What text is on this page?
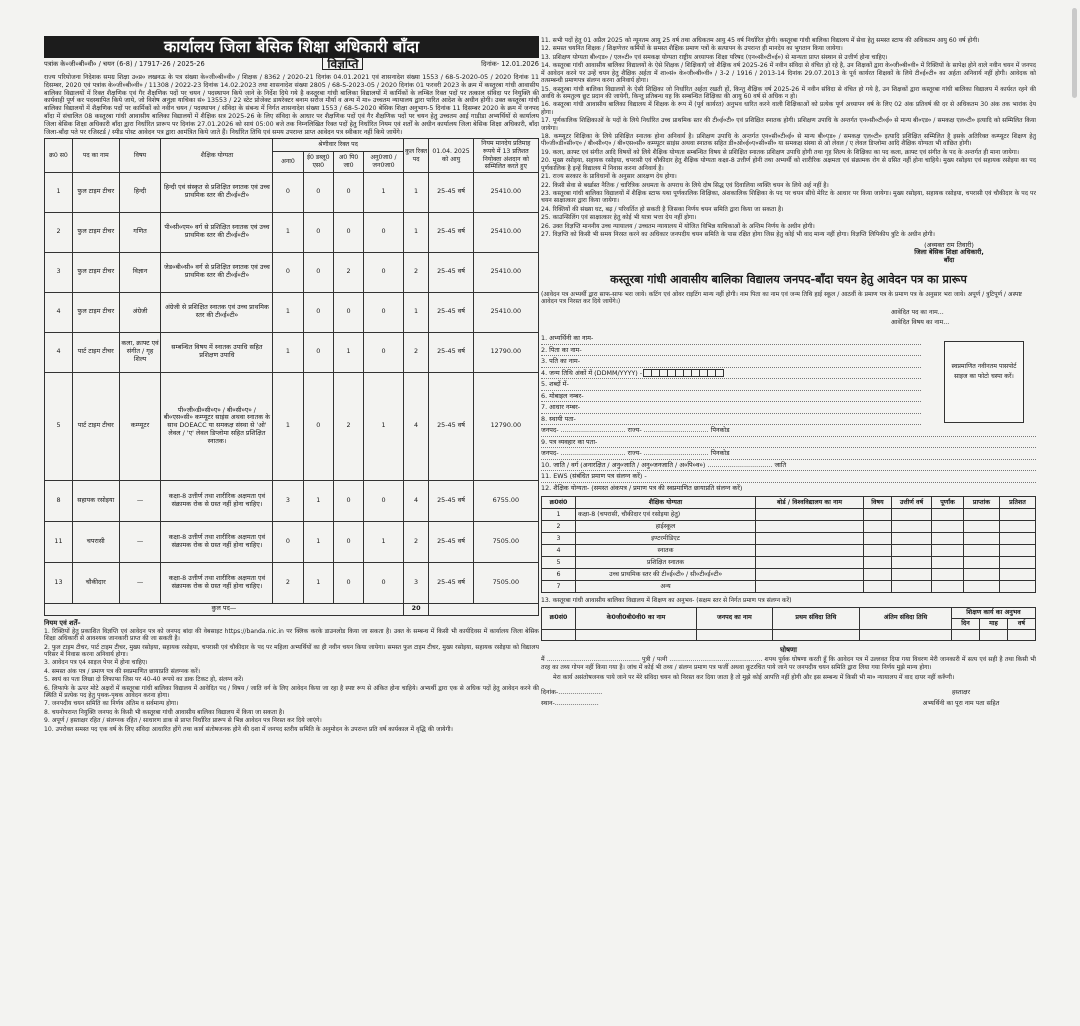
कार्यालय जिला बेसिक शिक्षा अधिकारी बाँदा
पत्रांक के०जी०बी०वी० / चयन (6-8) / 17917-26 / 2025-26	विज्ञप्ति	दिनांक- 12.01.2026
राज्य परियोजना निदेशक समग्र शिक्षा उ०प्र० लखनऊ के पत्र संख्या के०जी०बी०वी० / शिक्षक / 8362 / 2020-21 दिनांक 04.01.2021 एवं शासनादेश संख्या 1553 / 68-5-2020-05 / 2020 दिनांक 11 दिसम्बर, 2020 एवं पत्रांक के०जी०बी०वी० / 11308 / 2022-23 दिनांक 14.02.2023 तथा शासनादेश संख्या 2805 / 68-5-2023-05 / 2020 दिनांक 01 फरवरी 2023 के क्रम में कस्तूरबा गांधी आवासीय बालिका विद्यालयों में रिक्त शैक्षणिक एवं गैर शैक्षणिक पदों पर चयन / पदस्थापन किये जाने के निर्देश दिये गये है कस्तूरबा गांधी बालिका विद्यालयों में कार्मिकों के लम्बित रिक्त पदों पर तत्काल संविदा पर नियुक्ति की कार्यवाही पूर्ण कर पदस्थापित किये जाये, जो विशेष अनुज्ञा याचिका सं० 13553 / 22 स्टेट प्रोजेक्ट डायरेक्टर बनाम सरोज मौर्या व अन्य में मा० उच्चतम न्यायालय द्वारा पारित आदेश के अधीन होगी। उक्त कस्तूरबा गांधी बालिका विद्यालयों में शैक्षणिक पदों पर कार्मिकों को नवीन चयन / पदस्थापन / संविदा के संबन्ध में निर्गत शासनादेश संख्या 1553 / 68-5-2020 बेसिक शिक्षा अनुभाग-5 दिनांक 11 दिसम्बर 2020 के क्रम में जनपद बाँदा में संचालित 08 कस्तूरबा गांधी आवासीय बालिका विद्यालयों में शैक्षिक सत्र 2025-26 के लिए संविदा के आधार पर शैक्षणिक पदों एवं गैर शैक्षणिक पदों पर चयन हेतु उच्चतम आई गाडीडा अभ्यर्थियों से कार्यालय जिला बेसिक शिक्षा अधिकारी बाँदा द्वारा निर्धारित प्रारूप पर दिनांक 27.01.2026 को सायं 05:00 बजे तक निम्नलिखित रिक्त पदों हेतु निर्धारित नियम एवं शर्तों के अधीन कार्यालय जिला बेसिक शिक्षा अधिकारी, बाँदा जिला-बाँदा पते पर रजिस्टर्ड / स्पीड पोस्ट आवेदन पत्र द्वारा आमंत्रित किये जाते हैं। निर्धारित तिथि एवं समय उपरान्त प्राप्त आवेदन पत्र स्वीकार नहीं किये जायेंगे।
क्र0 स0	पद का नाम	विषय	शैक्षिक योग्यता	श्रेणीवार रिक्त पद				कुल रिक्त पद	01.04. 2025 को आयु	नियम मानदेय प्रतिमाह रूपये में 13 प्रतिशत नियोक्ता अंशदान को सम्मिलित करते हुए
				अना0	ई0 डब्लू0 एस0	अ0 पि0 जा0	अनु0जा0 / जन0जा0			
1	फुल टाइम टीचर	हिन्दी	हिन्दी एवं संस्कृत से प्रशिक्षित स्नातक एवं उच्च प्राथमिक स्तर की टी०ई०टी०	0	0	0	1	1	25-45 वर्ष	25410.00
2	फुल टाइम टीचर	गणित	पी०सी०एम० वर्ग से प्रशिक्षित स्नातक एवं उच्च प्राथमिक स्तर की टी०ई०टी०	1	0	0	0	1	25-45 वर्ष	25410.00
3	फुल टाइम टीचर	विज्ञान	जेड०बी०सी० वर्ग से प्रशिक्षित स्नातक एवं उच्च प्राथमिक स्तर की टी०ई०टी०	0	0	2	0	2	25-45 वर्ष	25410.00
4	फुल टाइम टीचर	अंग्रेजी	अंग्रेजी से प्रशिक्षित स्नातक एवं उच्च प्राथमिक स्तर की टी०ई०टी०	1	0	0	0	1	25-45 वर्ष	25410.00
4	पार्ट टाइम टीचर	कला, क्राफ्ट एवं संगीत / गृह शिल्प	सम्बन्धित विषय में स्नातक उपाधि सहित प्रशिक्षण उपाधि	1	0	1	0	2	25-45 वर्ष	12790.00
5	पार्ट टाइम टीचर	कम्प्यूटर	पी०जी०डी०सी०ए० / बी०सी०ए० / बी०एस०सी० कम्प्यूटर साइंस अथवा स्नातक के साथ DOEACC या समकक्ष संस्था से 'ओ' लेवल / 'ए' लेवल डिप्लोमा सहित प्रशिक्षित स्नातक।	1	0	2	1	4	25-45 वर्ष	12790.00
8	सहायक रसोइया	—	कक्षा-8 उत्तीर्ण तथा शारीरिक अक्षमता एवं संक्रामक रोक से ग्रस्त नहीं होना चाहिए।	3	1	0	0	4	25-45 वर्ष	6755.00
11	चपरासी	—	कक्षा-8 उत्तीर्ण तथा शारीरिक अक्षमता एवं संक्रामक रोक से ग्रस्त नहीं होना चाहिए।	0	1	0	1	2	25-45 वर्ष	7505.00
13	चौकीदार	—	कक्षा-8 उत्तीर्ण तथा शारीरिक अक्षमता एवं संक्रामक रोक से ग्रस्त नहीं होना चाहिए।	2	1	0	0	3	25-45 वर्ष	7505.00
कुल पद—								20		
नियम एवं शर्तें–
1. रिक्तियों हेतु प्रकाशित विज्ञप्ति एवं आवेदन पत्र को जनपद बांदा की वेबसाइट https://banda.nic.in पर क्लिक करके डाउनलोड किया जा सकता है। उक्त के सम्बन्ध में किसी भी कार्यदिवस में कार्यालय जिला बेसिक शिक्षा अधिकारी से आवश्यक जानकारी प्राप्त की जा सकती है।
2. फुल टाइम टीचर, पार्ट टाइम टीचर, मुख्य रसोइया, सहायक रसोइया, चपरासी एवं चौकीदार के पद पर महिला अभ्यर्थियों का ही नवीन चयन किया जायेगा। समस्त फुल टाइम टीचर, मुख्य रसोइया, सहायक रसोइया को विद्यालय परिसर में निवास करना अनिवार्य होगा।
3. आवेदन पत्र ए4 साइज पेपर में होना चाहिए।
4. समस्त अंक पत्र / प्रमाण पत्र की स्वप्रमाणित छायाप्रति संलग्नक करें।
5. स्वयं का पता लिखा दो लिफाफा जिस पर 40-40 रूपये का डाक टिकट हो, संलग्न करें।
6. लिफाफे के ऊपर मोटे अक्षरों में कस्तूरबा गांधी बालिका विद्यालय में आवेदित पद / विषय / जाति वर्ग के लिए आवेदन किया जा रहा है स्पष्ट रूप से अंकित होना चाहिये। अभ्यर्थी द्वारा एक से अधिक पदों हेतु आवेदन करने की स्थिति में प्रत्येक पद हेतु पृथक-पृथक आवेदन करना होगा।
7. जनपदीय चयन समिति का निर्णय अंतिम व सर्वमान्य होगा।
8. चयनोपरान्त नियुक्ति जनपद के किसी भी कस्तूरबा गांधी आवासीय बालिका विद्यालय में किया जा सकता है।
9. अपूर्ण / हस्ताक्षर रहित / संलग्नक रहित / साधारण डाक से प्राप्त निर्धारित प्रारूप से भिन्न आवेदन पत्र निरस्त कर दिये जाएंगे।
10. उपरोक्त समस्त पद एक वर्ष के लिए संविदा आधारित होंगे तथा कार्य संतोषजनक होने की दशा में जनपद स्तरीय समिति के अनुमोदन के उपरान्त प्रति वर्ष कार्यकाल में वृद्धि की जायेगी।
11. सभी पदों हेतु 01 अप्रैल 2025 को न्यूनतम आयु 25 वर्ष तथा अधिकतम आयु 45 वर्ष निर्धारित होगी। कस्तूरबा गांधी बालिका विद्यालय में सेवा हेतु समस्त स्टाफ की अधिकतम आयु 60 वर्ष होगी।
12. समस्त चयनित शिक्षक / शिक्षणेत्तर कर्मियों के समस्त शैक्षिक प्रमाण पत्रों के सत्यापन के उपरान्त ही मानदेय का भुगतान किया जायेगा।
13. प्रशिक्षण योग्यता बी०एड० / एल०टी० एवं समकक्ष योग्यता राष्ट्रीय अध्यापक शिक्षा परिषद (एन०सी०टी०ई०) से मान्यता प्राप्त संस्थान से उत्तीर्ण होना चाहिए।
14. कस्तूरबा गांधी आवासीय बालिका विद्यालयों के ऐसे शिक्षक / शिक्षिकाएँ जो शैक्षिक वर्ष 2025-26 में नवीन संविदा से वंचित हो रहे है, उन शिक्षकों द्वारा के०जी०बी०वी० में रिक्तियों के सापेक्ष होने वाले नवीन चयन में जनपद में आवेदन करने पर उन्हें चयन हेतु शैक्षिक अर्हता में शा०सं० के०जी०बी०वी० / 3-2 / 1916 / 2013-14 दिनांक 29.07.2013 के पूर्व कार्यरत शिक्षकों के लिये टी०ई०टी० का अर्हता अनिवार्य नहीं होगी। आवेदक को तत्सम्बन्धी प्रमाणपत्र संलग्न करना अनिवार्य होगा।
15. कस्तूरबा गांधी बालिका विद्यालयों के ऐसी शिक्षिका जो निर्धारित अर्हता रखती हों, किन्तु शैक्षिक वर्ष 2025-26 में नवीन संविदा से वंचित हो गये है, उन शिक्षकों द्वारा कस्तूरबा गांधी बालिका विद्यालय में कार्यरत रहने की अवधि के समतुल्य छूट प्रदान की जायेगी, किन्तु प्रतिबन्ध यह कि सम्बन्धित शिक्षिका की आयु 60 वर्ष से अधिक न हो।
16. कस्तूरबा गांधी आवासीय बालिका विद्यालय में शिक्षक के रूप में (पूर्व कार्यरत) अनुभव धारित करने वाली शिक्षिकाओं को प्रत्येक पूर्ण अध्यापन वर्ष के लिए 02 अंक प्रतिवर्ष की दर से अधिकतम 30 अंक तक भारांक देय होगा।
17. पूर्णकालिक शिक्षिकाओं के पदों के लिये निर्धारित उच्च प्राथमिक स्तर की टी०ई०टी० एवं प्रशिक्षित स्नातक होगी। प्रशिक्षण उपाधि के अन्तर्गत एन०सी०टी०ई० से मान्य बी०एड० / समकक्ष एल०टी० इत्यादि को सम्मिलित किया जायेगा।
18. कम्प्यूटर शिक्षिका के लिये प्रशिक्षित स्नातक होना अनिवार्य है। प्रशिक्षण उपाधि के अन्तर्गत एन०सी०टी०ई० से मान्य बी०एड० / समकक्ष एल०टी० इत्यादि प्रशिक्षित सम्मिलित है इसके अतिरिक्त कम्प्यूटर शिक्षण हेतु पी०जी०डी०सी०ए० / बी०सी०ए० / बी०एस०सी० कम्प्यूटर साइंस अथवा स्नातक सहित डी०ओ०ई०ए०सी०सी० या समकक्ष संस्था से ओ लेवल / ए लेवल डिप्लोमा आदि शैक्षिक योग्यता भी वांछित होगी।
19. कला, क्राफ्ट एवं संगीत आदि विषयों को लिये शैक्षिक योग्यता सम्बन्धित विषय से प्रशिक्षित स्नातक प्रशिक्षण उपाधि होगी तथा गृह शिल्प के शिक्षिका का पद कला, क्राफ्ट एवं संगीत के पद के अन्तर्गत ही माना जायेगा।
20. मुख्य रसोइया, सहायक रसोइया, चपरासी एवं चौकीदार हेतु शैक्षिक योग्यता कक्षा-8 उत्तीर्ण होनी तथा अभ्यर्थी को शारीरिक अक्षमता एवं संक्रामक रोग से ग्रसित नहीं होना चाहिये। मुख्य रसोइया एवं सहायक रसोइया का पद पूर्णकालिक है इन्हें विद्यालय में निवास करना अनिवार्य है।
21. राज्य सरकार के प्राविधानों के अनुसार आरक्षण देय होगा।
22. किसी सेवा से बर्खास्त नैतिक / चारित्रिक अधमता के अपराध के लिये दोष सिद्ध एवं दिवालिया व्यक्ति चयन के लिये अर्ह नहीं है।
23. कस्तूरबा गांधी बालिका विद्यालयों में शैक्षिक स्टाफ यथा पूर्णकालिक शिक्षिका, अंशकालिक शिक्षिका के पद पर चयन सीधे मेरिट के आधार पर किया जायेगा। मुख्य रसोइया, सहायक रसोइया, चपरासी एवं चौकीदार के पद पर चयन साक्षात्कार द्वारा किया जायेगा।
24. रिक्तियों की संख्या घट, बढ़ / परिवर्तित हो सकती है जिसका निर्णय चयन समिति द्वारा किया जा सकता है।
25. काउन्सिलिंग एवं साक्षात्कार हेतु कोई भी यात्रा भत्ता देय नहीं होगा।
26. उक्त विज्ञप्ति माननीय उच्च न्यायालय / उच्चतम न्यायालय में योजित विभिन्न याचिकाओं के अन्तिम निर्णय के अधीन होगी।
27. विज्ञप्ति को किसी भी समय निरस्त करने का अधिकार जनपदीय चयन समिति के पास रक्षित होगा जिस हेतु कोई भी वाद मान्य नहीं होगा। विज्ञप्ति लिपिकीय त्रुटि के अधीन होगी।
(अव्यक्त राम तिवारी)
जिला बेसिक शिक्षा अधिकारी,
बाँदा
कस्तूरबा गांधी आवासीय बालिका विद्यालय जनपद-बाँदा चयन हेतु आवेदन पत्र का प्रारूप
(आवेदन पत्र अभ्यर्थी द्वारा साफ-साफ भरा जाये। कटिंग एवं ओवर राइटिंग मान्य नहीं होगी। नाम पिता का नाम एवं जन्म तिथि हाई स्कूल / आठवीं के प्रमाण पत्र के प्रमाण पत्र के अनुसार भरा जाये। अपूर्ण / त्रुटिपूर्ण / अस्पष्ट आवेदन पत्र निरस्त कर दिये जायेंगे।)
आवेदित पद का नाम...
आवेदित विषय का नाम...
स्वप्रमाणित नवीनतम पासपोर्ट साइज का फोटो चस्पा करें।
1. अभ्यर्थिनी का नाम-
2. पिता का नाम-
3. पति का नाम-
4. जन्म तिथि अंकों में (DDMM/YYYY) -
5. शब्दों में-
6. मोबाइल नम्बर-
7. आधार नम्बर-
8. स्थायी पता-
जनपद- ................................ राज्य- ................................ पिनकोड
9. पत्र व्यवहार का पता-
जनपद- ................................ राज्य- ................................ पिनकोड
10. जाति / वर्ग (अनारक्षित / अनु०जाति / अनु०जनजाति / अ०पि०व०) ................................ जाति
11. EWS (संबंधित प्रमाण पत्र संलग्न करें) -
12. शैक्षिक योग्यता- (समस्त अंकपत्र / प्रमाण पत्र की स्वप्रमाणित छायाप्रति संलग्न करें)
क्र0सं0	शैक्षिक योग्यता	बोर्ड / विश्वविद्यालय का नाम	विषय	उत्तीर्ण वर्ष	पूर्णांक	प्राप्तांक	प्रतिशत
1	कक्षा-8 (चपरासी, चौकीदार एवं रसोइया हेतु)						
2	हाईस्कूल						
3	इण्टरमीडिएट						
4	स्नातक						
5	प्रशिक्षित स्नातक						
6	उच्च प्राथमिक स्तर की टी०ई०टी० / सी०टी०ई०टी०						
7	अन्य						
13. कस्तूरबा गांधी आवासीय बालिका विद्यालय में शिक्षण का अनुभव- (सक्षम स्तर से निर्गत प्रमाण पत्र संलग्न करें)
क्र0सं0	के0जी0बी0वी0 का नाम	जनपद का नाम	प्रथम संविदा तिथि	अंतिम संविदा तिथि	शिक्षण कार्य का अनुभव		
					दिन	माह	वर्ष

घोषणा
मैं ................................................ पुत्री / पत्नी ................................................ शपथ पूर्वक घोषणा करती हूँ कि आवेदन पत्र में उल्लवत दिया गया विवरण मेरी जानकारी में सत्य एवं सही है तथा किसी भी तरह का तथ्य गोपन नहीं किया गया है। जांच में कोई भी तथ्य / संलग्न प्रमाण पत्र फर्जी अथवा कूटरचित पाये जाने पर जनपदीय चयन समिति द्वारा लिया गया निर्णय मुझे मान्य होगा।
मेरा कार्य असंतोषजनक पाये जाने पर मेरे संविदा चयन को निरस्त कर दिया जाता है तो मुझे कोई आपत्ति नहीं होगी और इस सम्बन्ध में किसी भी मा० न्यायालय में वाद दायर नहीं करूँगी।
दिनांक-......................
स्थान-......................
हस्ताक्षर
अभ्यर्थिनी का पूरा नाम पता सहित
